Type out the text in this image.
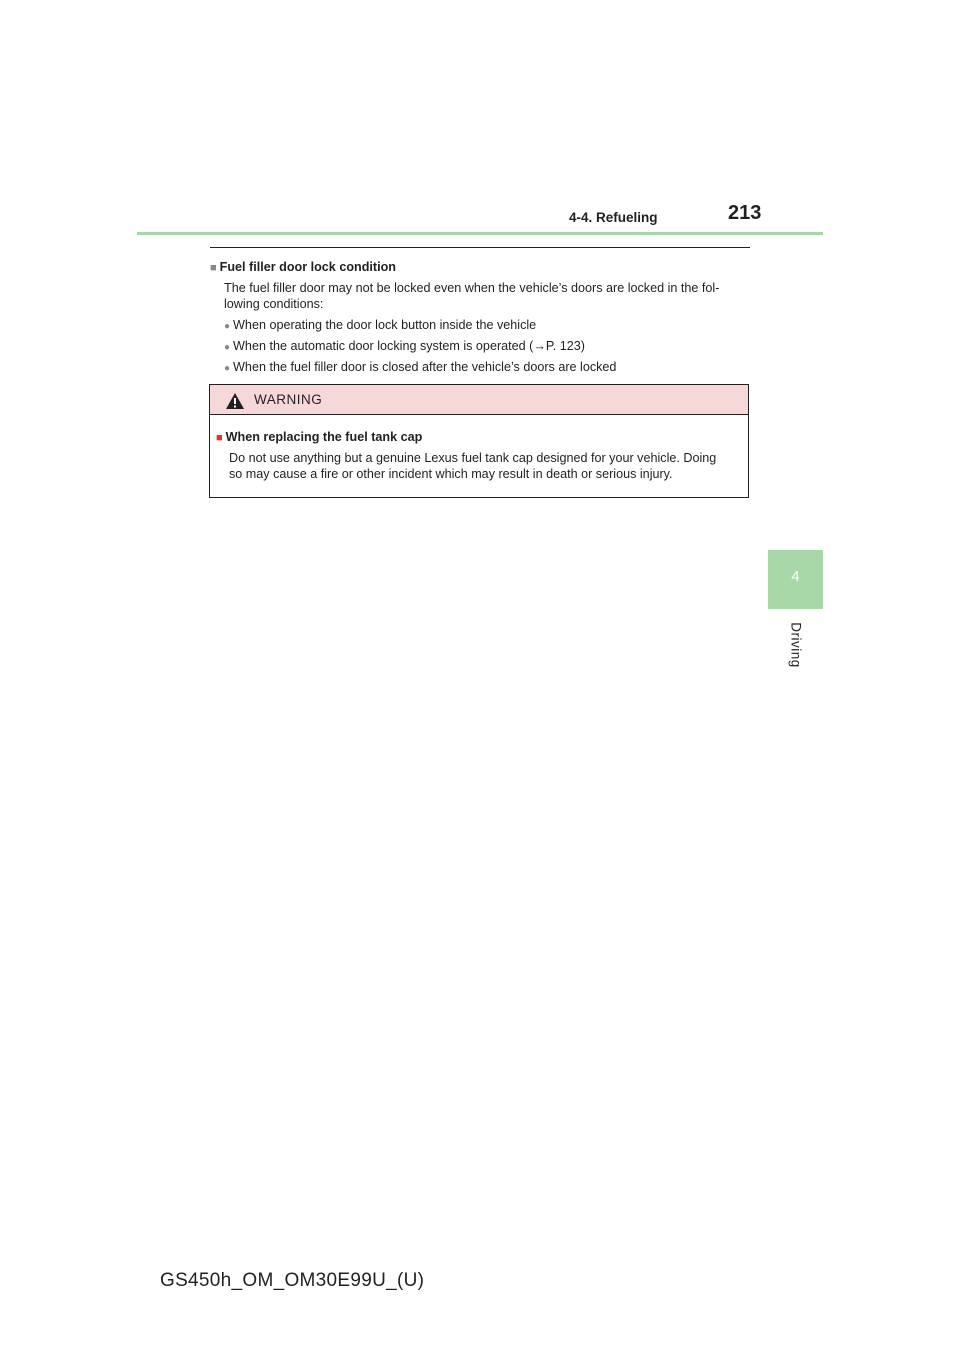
4-4. Refueling	213
4
Driving
■ Fuel filler door lock condition
The fuel filler door may not be locked even when the vehicle’s doors are locked in the fol-
lowing conditions:
● When operating the door lock button inside the vehicle
● When the automatic door locking system is operated (→P. 123)
● When the fuel filler door is closed after the vehicle’s doors are locked
WARNING
■ When replacing the fuel tank cap
Do not use anything but a genuine Lexus fuel tank cap designed for your vehicle. Doing
so may cause a fire or other incident which may result in death or serious injury.
GS450h_OM_OM30E99U_(U)
